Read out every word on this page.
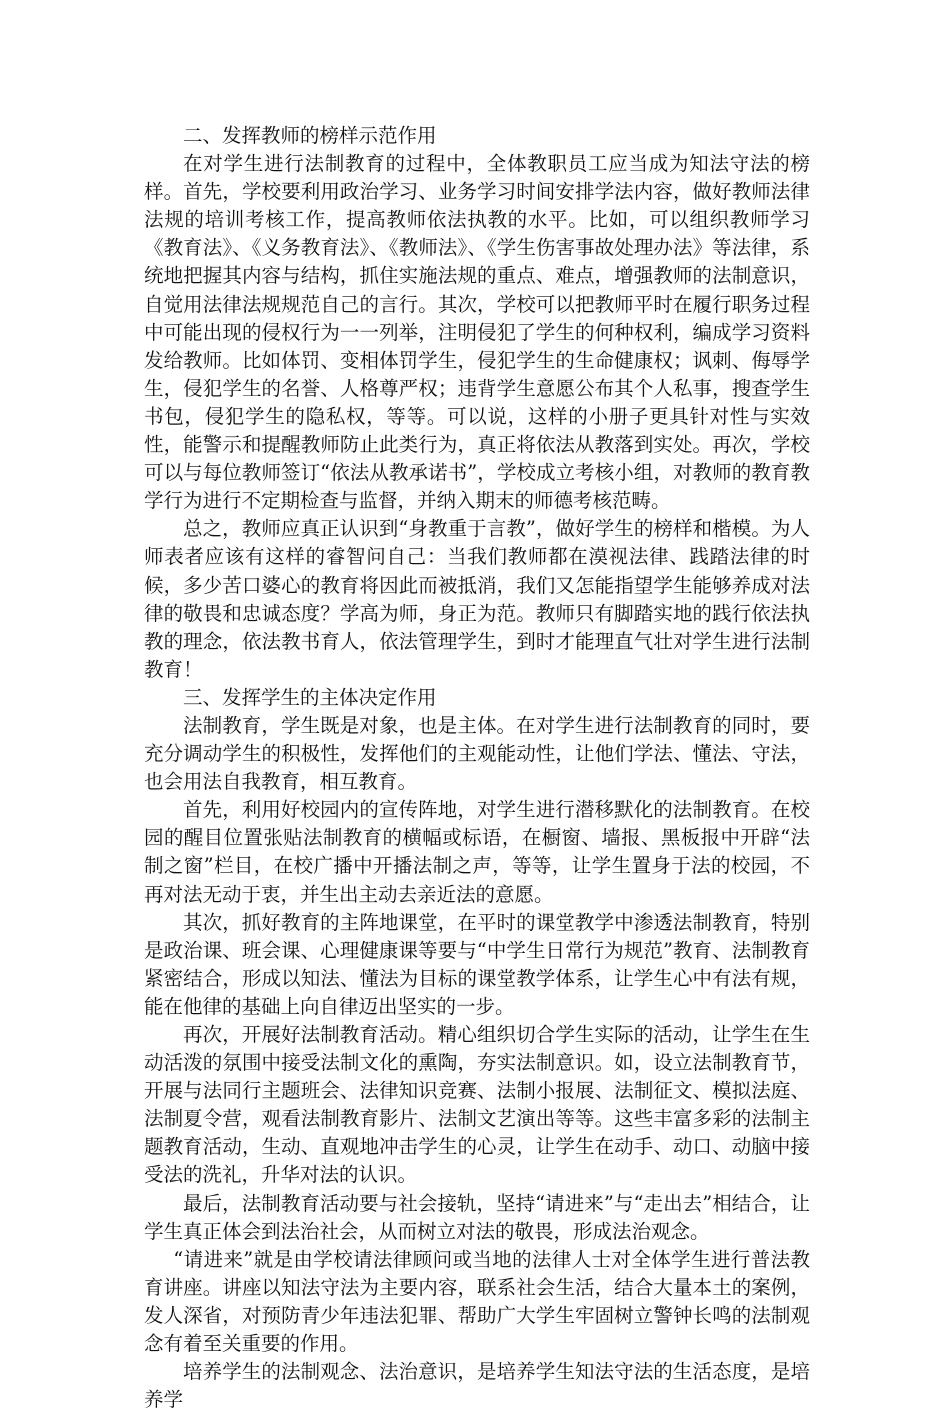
二、发挥教师的榜样示范作用

在对学生进行法制教育的过程中，全体教职员工应当成为知法守法的榜样。首先，学校要利用政治学习、业务学习时间安排学法内容，做好教师法律法规的培训考核工作，提高教师依法执教的水平。比如，可以组织教师学习《教育法》、《义务教育法》、《教师法》、《学生伤害事故处理办法》等法律，系统地把握其内容与结构，抓住实施法规的重点、难点，增强教师的法制意识，自觉用法律法规规范自己的言行。其次，学校可以把教师平时在履行职务过程中可能出现的侵权行为一一列举，注明侵犯了学生的何种权利，编成学习资料发给教师。比如体罚、变相体罚学生，侵犯学生的生命健康权；讽刺、侮辱学生，侵犯学生的名誉、人格尊严权；违背学生意愿公布其个人私事，搜查学生书包，侵犯学生的隐私权，等等。可以说，这样的小册子更具针对性与实效性，能警示和提醒教师防止此类行为，真正将依法从教落到实处。再次，学校可以与每位教师签订“依法从教承诺书”，学校成立考核小组，对教师的教育教学行为进行不定期检查与监督，并纳入期末的师德考核范畴。

总之，教师应真正认识到“身教重于言教”，做好学生的榜样和楷模。为人师表者应该有这样的睿智问自己：当我们教师都在漠视法律、践踏法律的时候，多少苦口婆心的教育将因此而被抵消，我们又怎能指望学生能够养成对法律的敬畏和忠诚态度？学高为师，身正为范。教师只有脚踏实地的践行依法执教的理念，依法教书育人，依法管理学生，到时才能理直气壮对学生进行法制教育！

三、发挥学生的主体决定作用

法制教育，学生既是对象，也是主体。在对学生进行法制教育的同时，要充分调动学生的积极性，发挥他们的主观能动性，让他们学法、懂法、守法，也会用法自我教育，相互教育。

首先，利用好校园内的宣传阵地，对学生进行潜移默化的法制教育。在校园的醒目位置张贴法制教育的横幅或标语，在橱窗、墙报、黑板报中开辟“法制之窗”栏目，在校广播中开播法制之声，等等，让学生置身于法的校园，不再对法无动于衷，并生出主动去亲近法的意愿。

其次，抓好教育的主阵地课堂，在平时的课堂教学中渗透法制教育，特别是政治课、班会课、心理健康课等要与“中学生日常行为规范”教育、法制教育紧密结合，形成以知法、懂法为目标的课堂教学体系，让学生心中有法有规，能在他律的基础上向自律迈出坚实的一步。

再次，开展好法制教育活动。精心组织切合学生实际的活动，让学生在生动活泼的氛围中接受法制文化的熏陶，夯实法制意识。如，设立法制教育节，开展与法同行主题班会、法律知识竞赛、法制小报展、法制征文、模拟法庭、法制夏令营，观看法制教育影片、法制文艺演出等等。这些丰富多彩的法制主题教育活动，生动、直观地冲击学生的心灵，让学生在动手、动口、动脑中接受法的洗礼，升华对法的认识。

最后，法制教育活动要与社会接轨，坚持“请进来”与“走出去”相结合，让学生真正体会到法治社会，从而树立对法的敬畏，形成法治观念。

“请进来”就是由学校请法律顾问或当地的法律人士对全体学生进行普法教育讲座。讲座以知法守法为主要内容，联系社会生活，结合大量本土的案例，发人深省，对预防青少年违法犯罪、帮助广大学生牢固树立警钟长鸣的法制观念有着至关重要的作用。

培养学生的法制观念、法治意识，是培养学生知法守法的生活态度，是培养学
